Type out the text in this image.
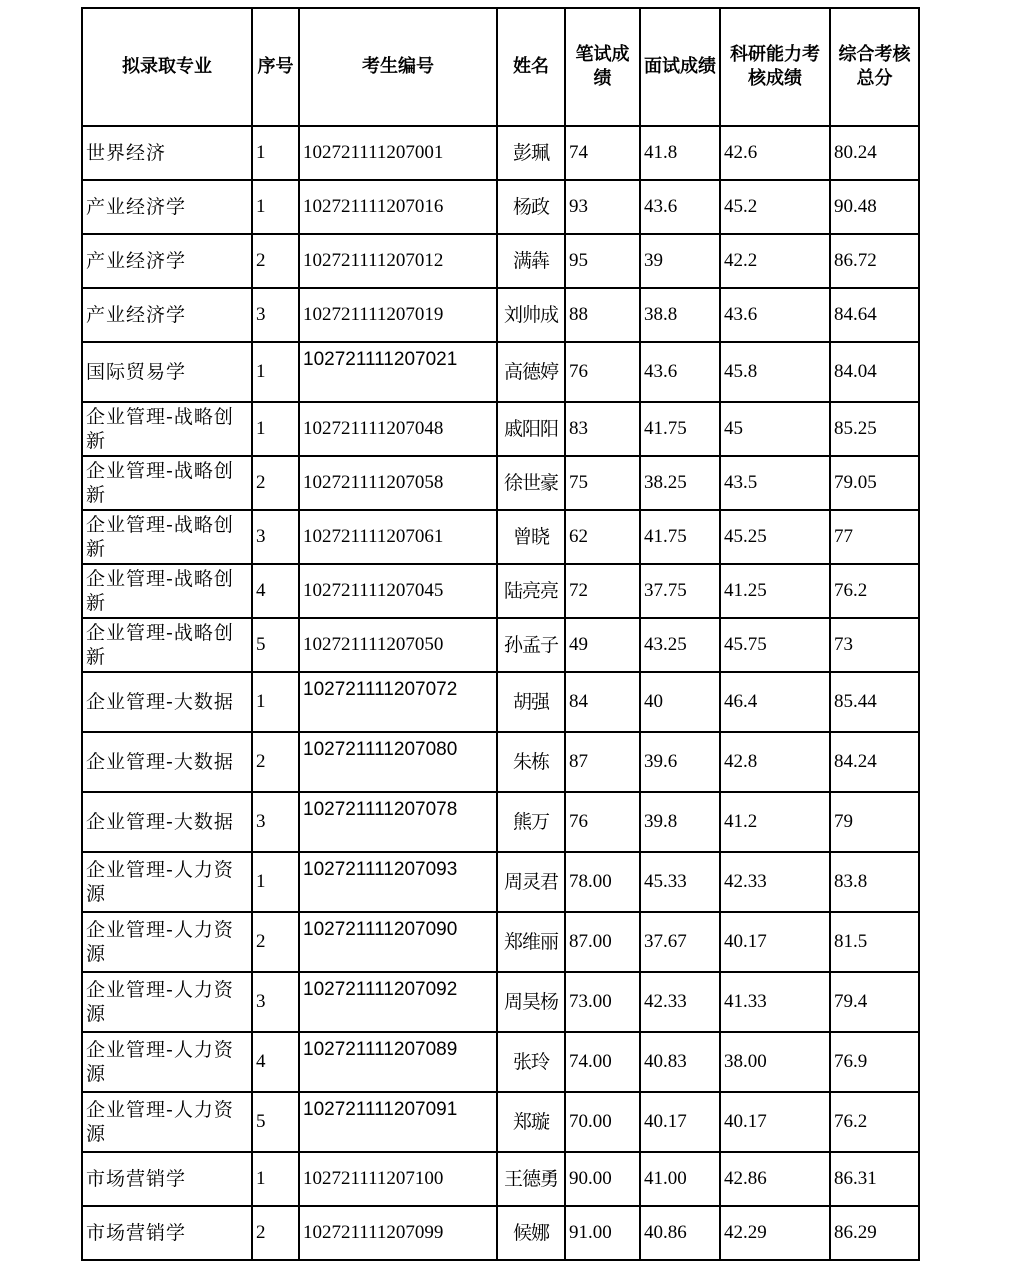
拟录取专业	序号	考生编号	姓名	笔试成绩	面试成绩	科研能力考核成绩	综合考核总分
世界经济	1	102721111207001	彭珮	74	41.8	42.6	80.24
产业经济学	1	102721111207016	杨政	93	43.6	45.2	90.48
产业经济学	2	102721111207012	满犇	95	39	42.2	86.72
产业经济学	3	102721111207019	刘帅成	88	38.8	43.6	84.64
国际贸易学	1	102721111207021	高德婷	76	43.6	45.8	84.04
企业管理-战略创新	1	102721111207048	戚阳阳	83	41.75	45	85.25
企业管理-战略创新	2	102721111207058	徐世豪	75	38.25	43.5	79.05
企业管理-战略创新	3	102721111207061	曾晓	62	41.75	45.25	77
企业管理-战略创新	4	102721111207045	陆亮亮	72	37.75	41.25	76.2
企业管理-战略创新	5	102721111207050	孙孟子	49	43.25	45.75	73
企业管理-大数据	1	102721111207072	胡强	84	40	46.4	85.44
企业管理-大数据	2	102721111207080	朱栋	87	39.6	42.8	84.24
企业管理-大数据	3	102721111207078	熊万	76	39.8	41.2	79
企业管理-人力资源	1	102721111207093	周灵君	78.00	45.33	42.33	83.8
企业管理-人力资源	2	102721111207090	郑维丽	87.00	37.67	40.17	81.5
企业管理-人力资源	3	102721111207092	周昊杨	73.00	42.33	41.33	79.4
企业管理-人力资源	4	102721111207089	张玲	74.00	40.83	38.00	76.9
企业管理-人力资源	5	102721111207091	郑璇	70.00	40.17	40.17	76.2
市场营销学	1	102721111207100	王德勇	90.00	41.00	42.86	86.31
市场营销学	2	102721111207099	候娜	91.00	40.86	42.29	86.29
